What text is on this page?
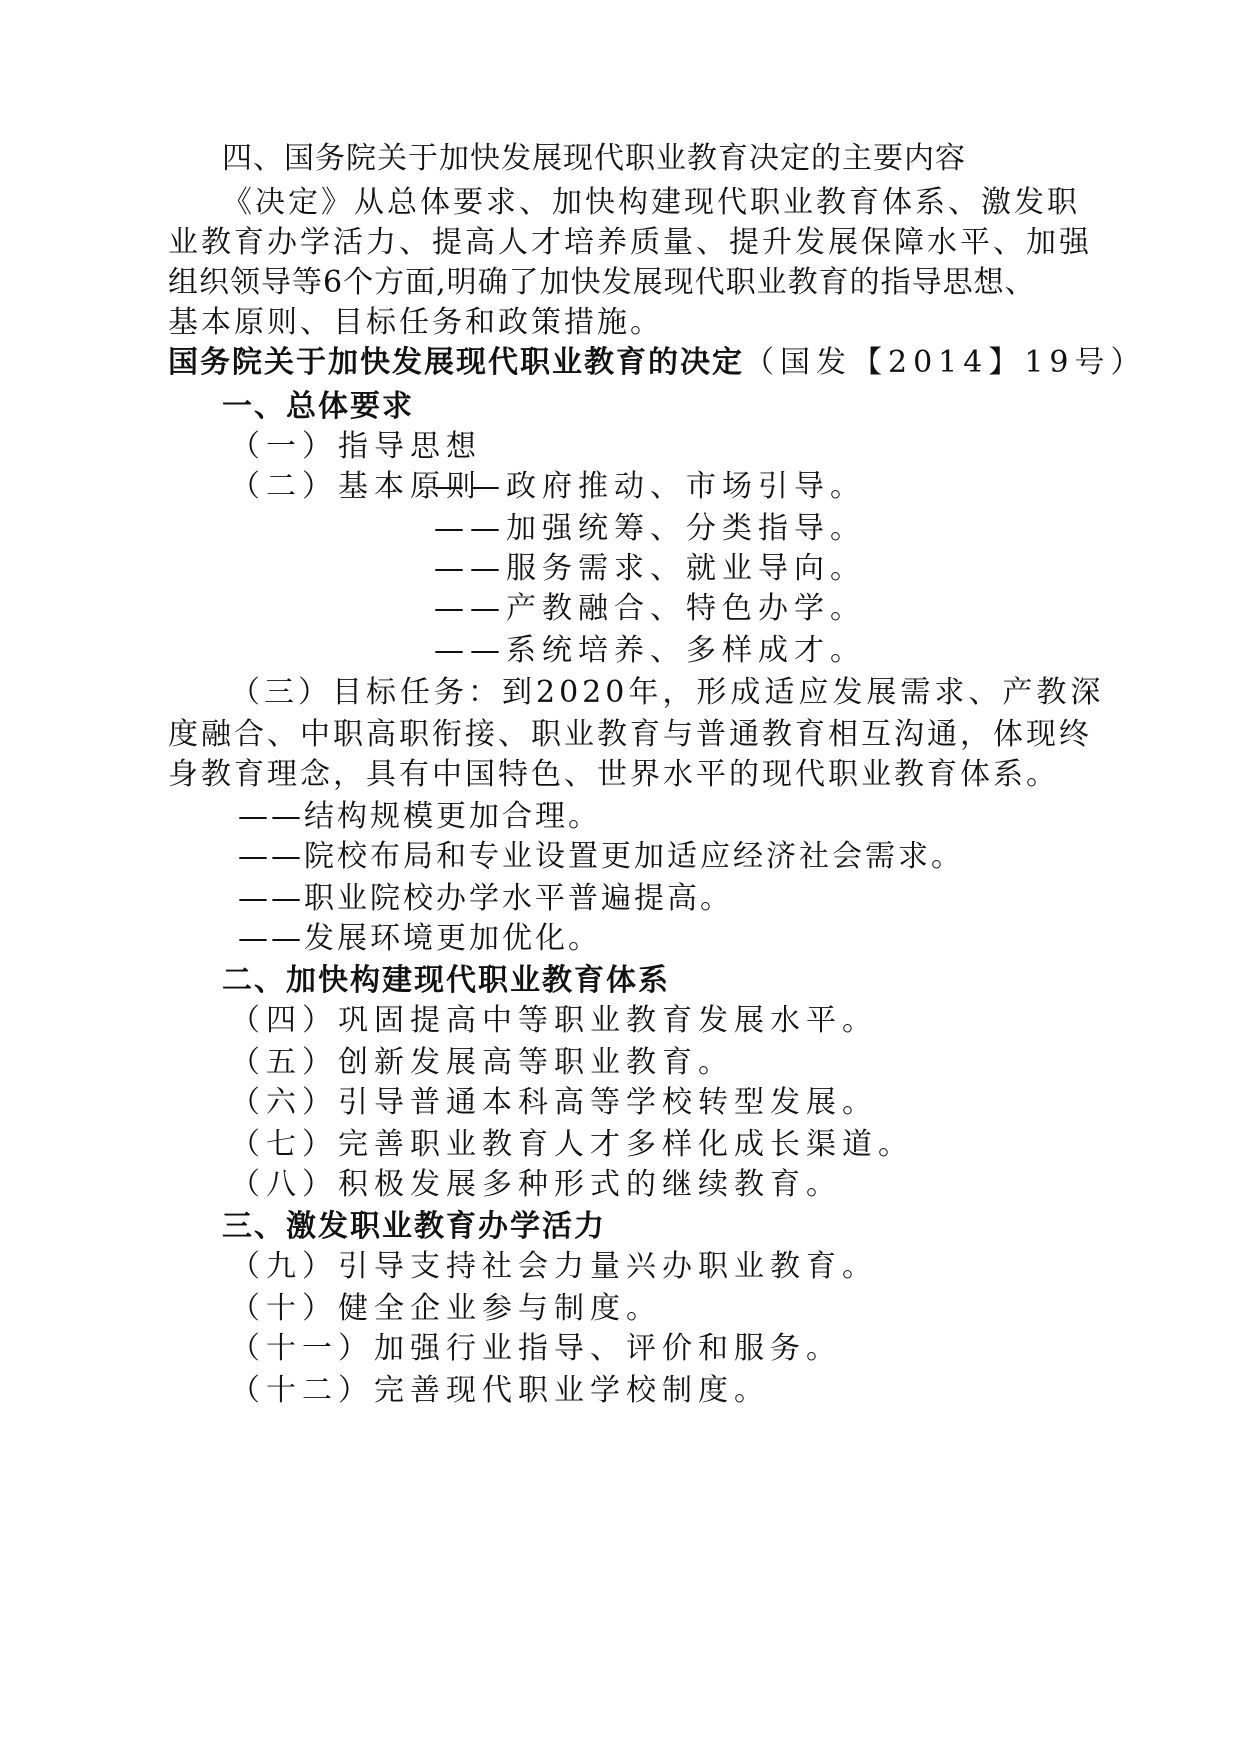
四、国务院关于加快发展现代职业教育决定的主要内容
《决定》从总体要求、加快构建现代职业教育体系、激发职
业教育办学活力、提高人才培养质量、提升发展保障水平、加强
组织领导等6个方面,明确了加快发展现代职业教育的指导思想、
基本原则、目标任务和政策措施。
国务院关于加快发展现代职业教育的决定（国发【2014】19号）
一、总体要求
（一）指导思想
（二）基本原则
——政府推动、市场引导。
——加强统筹、分类指导。
——服务需求、就业导向。
——产教融合、特色办学。
——系统培养、多样成才。
（三）目标任务：到2020年，形成适应发展需求、产教深
度融合、中职高职衔接、职业教育与普通教育相互沟通，体现终
身教育理念，具有中国特色、世界水平的现代职业教育体系。
——结构规模更加合理。
——院校布局和专业设置更加适应经济社会需求。
——职业院校办学水平普遍提高。
——发展环境更加优化。
二、加快构建现代职业教育体系
（四）巩固提高中等职业教育发展水平。
（五）创新发展高等职业教育。
（六）引导普通本科高等学校转型发展。
（七）完善职业教育人才多样化成长渠道。
（八）积极发展多种形式的继续教育。
三、激发职业教育办学活力
（九）引导支持社会力量兴办职业教育。
（十）健全企业参与制度。
（十一）加强行业指导、评价和服务。
（十二）完善现代职业学校制度。
